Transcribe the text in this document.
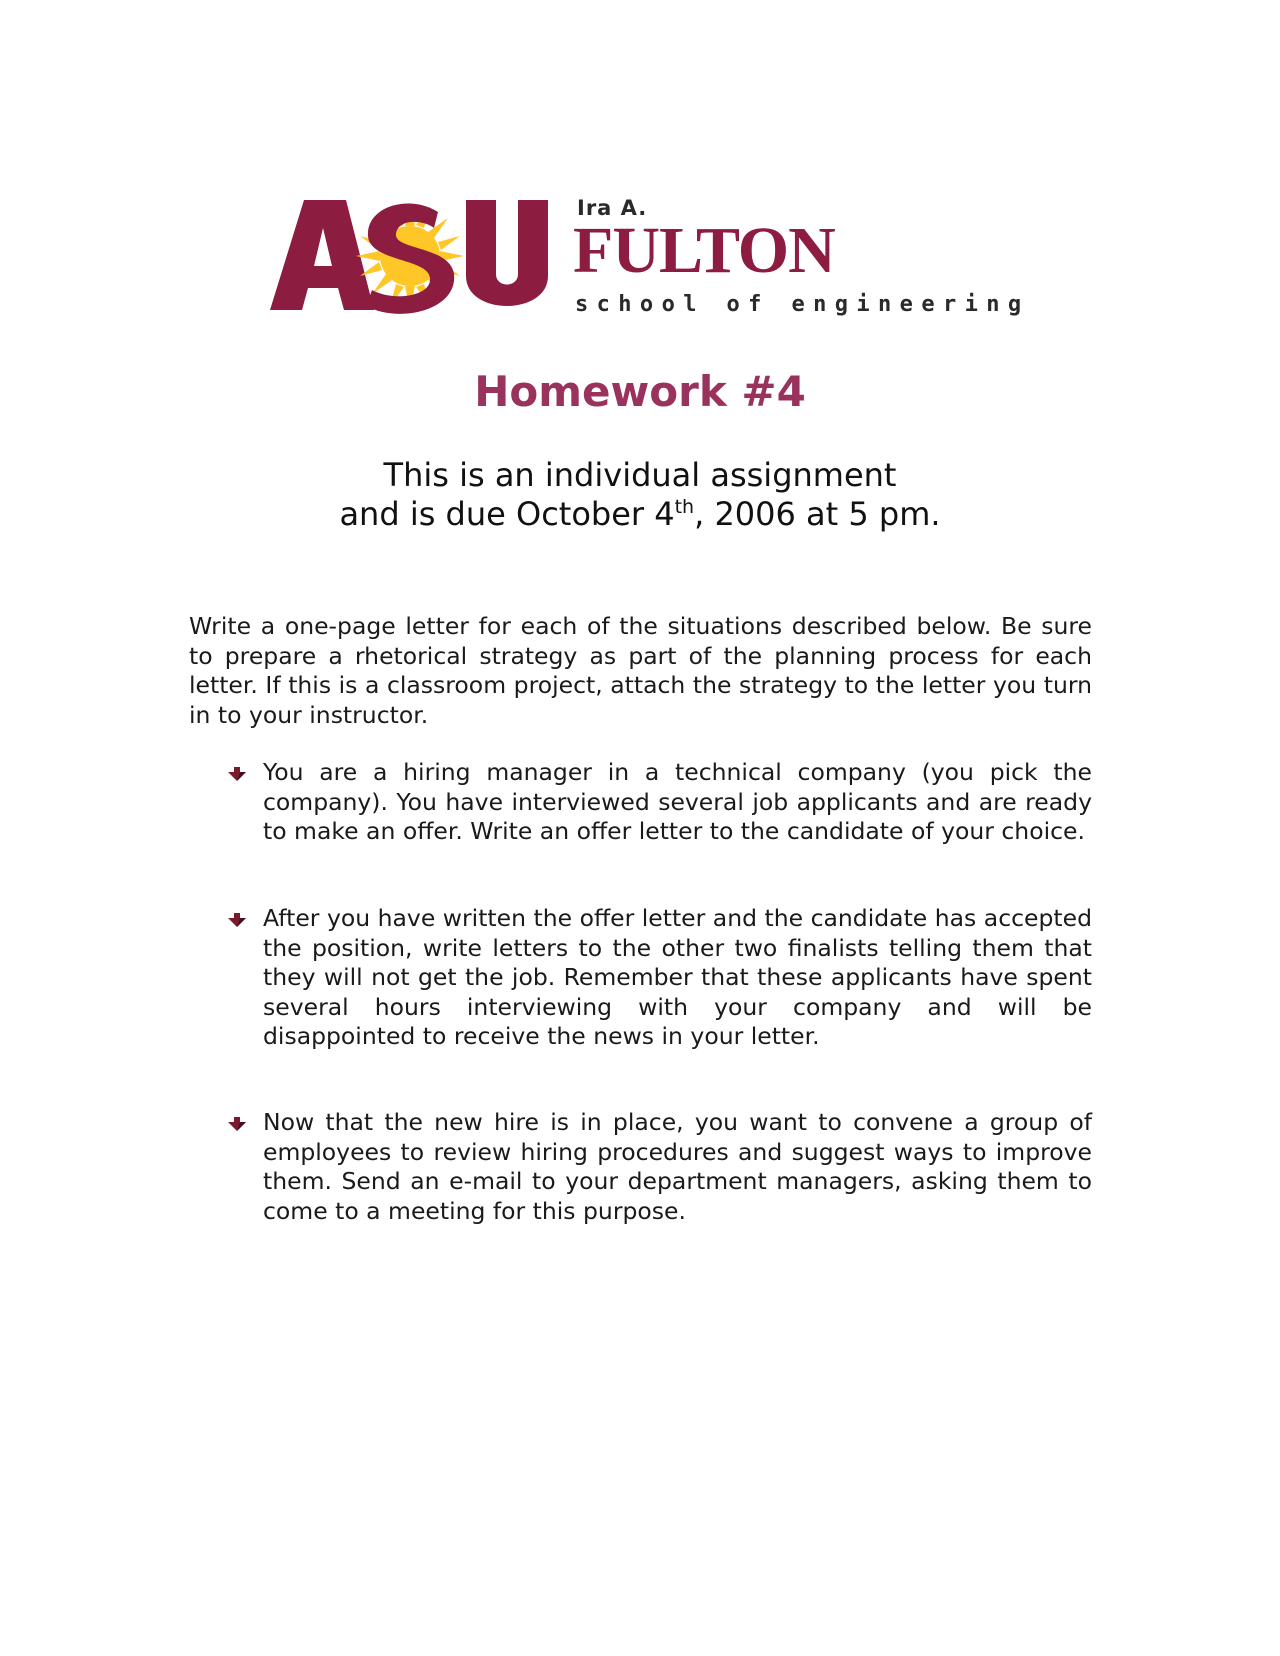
Ira A.
FULTON
school of engineering
Homework #4

This is an individual assignment

and is due October 4th, 2006 at 5 pm.

Write a one-page letter for each of the situations described below. Be sure to prepare a rhetorical strategy as part of the planning process for each letter. If this is a classroom project, attach the strategy to the letter you turn in to your instructor.

You are a hiring manager in a technical company (you pick the company). You have interviewed several job applicants and are ready to make an offer. Write an offer letter to the candidate of your choice.

After you have written the offer letter and the candidate has accepted the position, write letters to the other two finalists telling them that they will not get the job. Remember that these applicants have spent several hours interviewing with your company and will be disappointed to receive the news in your letter.

Now that the new hire is in place, you want to convene a group of employees to review hiring procedures and suggest ways to improve them. Send an e-mail to your department managers, asking them to come to a meeting for this purpose.
